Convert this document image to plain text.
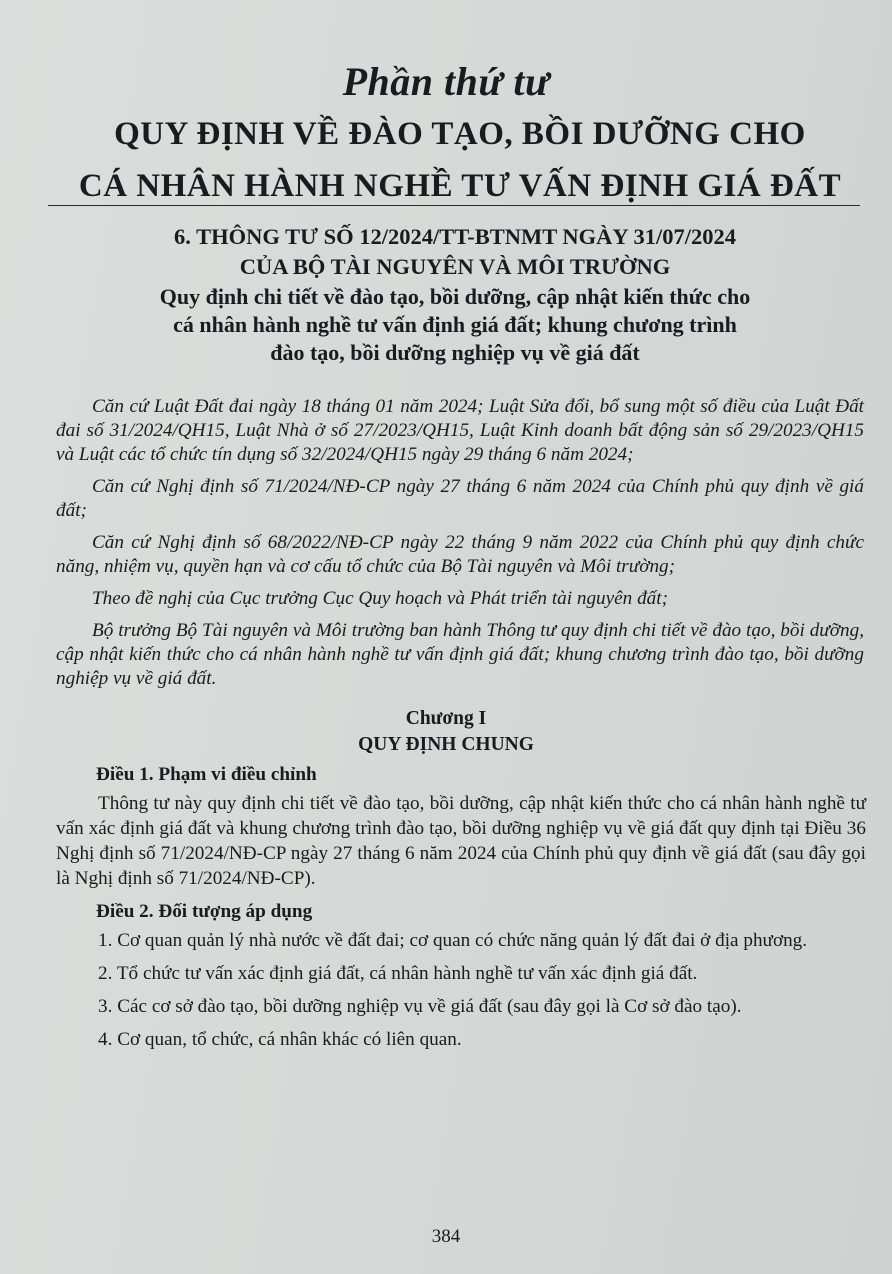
Phần thứ tư
QUY ĐỊNH VỀ ĐÀO TẠO, BỒI DƯỠNG CHO
CÁ NHÂN HÀNH NGHỀ TƯ VẤN ĐỊNH GIÁ ĐẤT
6. THÔNG TƯ SỐ 12/2024/TT-BTNMT NGÀY 31/07/2024
CỦA BỘ TÀI NGUYÊN VÀ MÔI TRƯỜNG
Quy định chi tiết về đào tạo, bồi dưỡng, cập nhật kiến thức cho
cá nhân hành nghề tư vấn định giá đất; khung chương trình
đào tạo, bồi dưỡng nghiệp vụ về giá đất

Căn cứ Luật Đất đai ngày 18 tháng 01 năm 2024; Luật Sửa đổi, bổ sung một số điều của Luật Đất đai số 31/2024/QH15, Luật Nhà ở số 27/2023/QH15, Luật Kinh doanh bất động sản số 29/2023/QH15 và Luật các tổ chức tín dụng số 32/2024/QH15 ngày 29 tháng 6 năm 2024;

Căn cứ Nghị định số 71/2024/NĐ-CP ngày 27 tháng 6 năm 2024 của Chính phủ quy định về giá đất;

Căn cứ Nghị định số 68/2022/NĐ-CP ngày 22 tháng 9 năm 2022 của Chính phủ quy định chức năng, nhiệm vụ, quyền hạn và cơ cấu tổ chức của Bộ Tài nguyên và Môi trường;

Theo đề nghị của Cục trưởng Cục Quy hoạch và Phát triển tài nguyên đất;

Bộ trưởng Bộ Tài nguyên và Môi trường ban hành Thông tư quy định chi tiết về đào tạo, bồi dưỡng, cập nhật kiến thức cho cá nhân hành nghề tư vấn định giá đất; khung chương trình đào tạo, bồi dưỡng nghiệp vụ về giá đất.

Chương I
QUY ĐỊNH CHUNG
Điều 1. Phạm vi điều chỉnh

Thông tư này quy định chi tiết về đào tạo, bồi dưỡng, cập nhật kiến thức cho cá nhân hành nghề tư vấn xác định giá đất và khung chương trình đào tạo, bồi dưỡng nghiệp vụ về giá đất quy định tại Điều 36 Nghị định số 71/2024/NĐ-CP ngày 27 tháng 6 năm 2024 của Chính phủ quy định về giá đất (sau đây gọi là Nghị định số 71/2024/NĐ-CP).

Điều 2. Đối tượng áp dụng

1. Cơ quan quản lý nhà nước về đất đai; cơ quan có chức năng quản lý đất đai ở địa phương.

2. Tổ chức tư vấn xác định giá đất, cá nhân hành nghề tư vấn xác định giá đất.

3. Các cơ sở đào tạo, bồi dưỡng nghiệp vụ về giá đất (sau đây gọi là Cơ sở đào tạo).

4. Cơ quan, tổ chức, cá nhân khác có liên quan.

384
